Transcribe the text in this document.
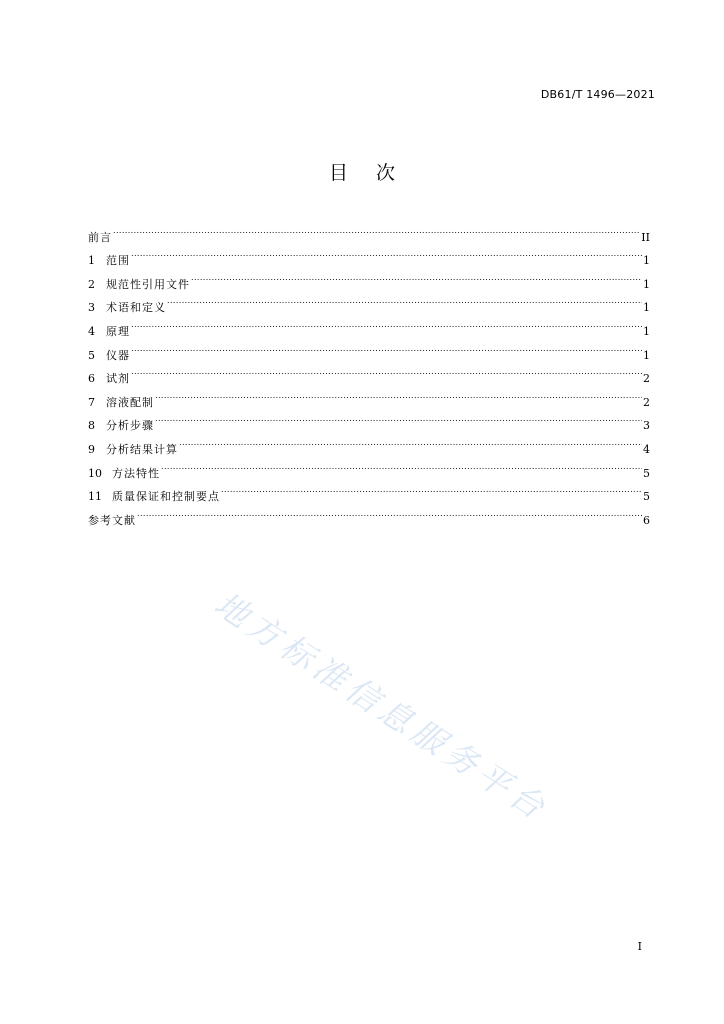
DB61/T 1496—2021
目次
前言 .....	II
1	范围 .....	1
2	规范性引用文件 .....	1
3	术语和定义 .....	1
4	原理 .....	1
5	仪器 .....	1
6	试剂 .....	2
7	溶液配制 .....	2
8	分析步骤 .....	3
9	分析结果计算 .....	4
10 方法特性 .....	5
11 质量保证和控制要点 .....	5
参考文献 .....	6
地方标准信息服务平台
I
